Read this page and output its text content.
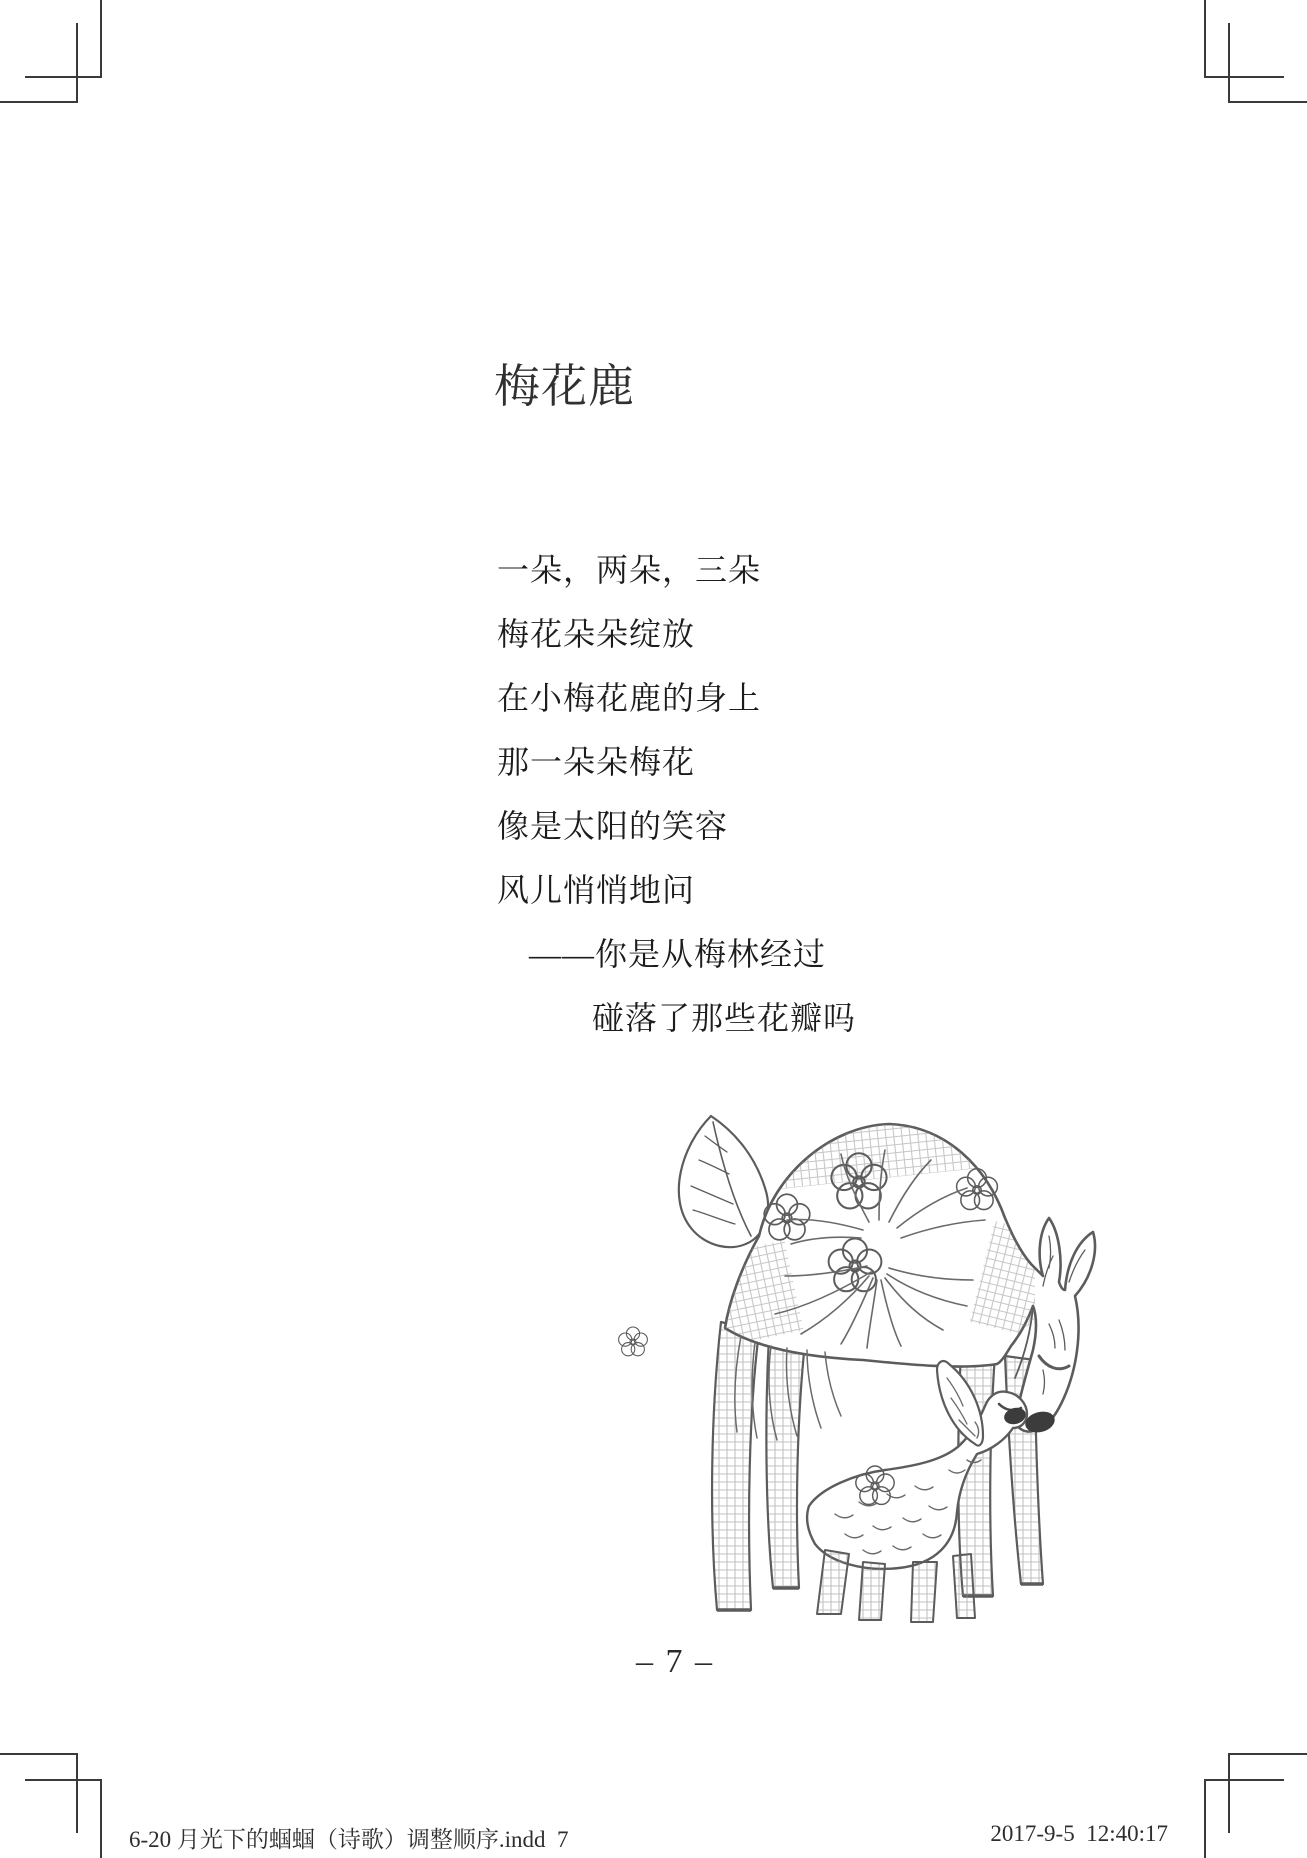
梅花鹿
一朵，两朵，三朵
梅花朵朵绽放
在小梅花鹿的身上
那一朵朵梅花
像是太阳的笑容
风儿悄悄地问
——你是从梅林经过
碰落了那些花瓣吗
– 7 –
6-20 月光下的蝈蝈（诗歌）调整顺序.indd  7	2017-9-5  12:40:17
